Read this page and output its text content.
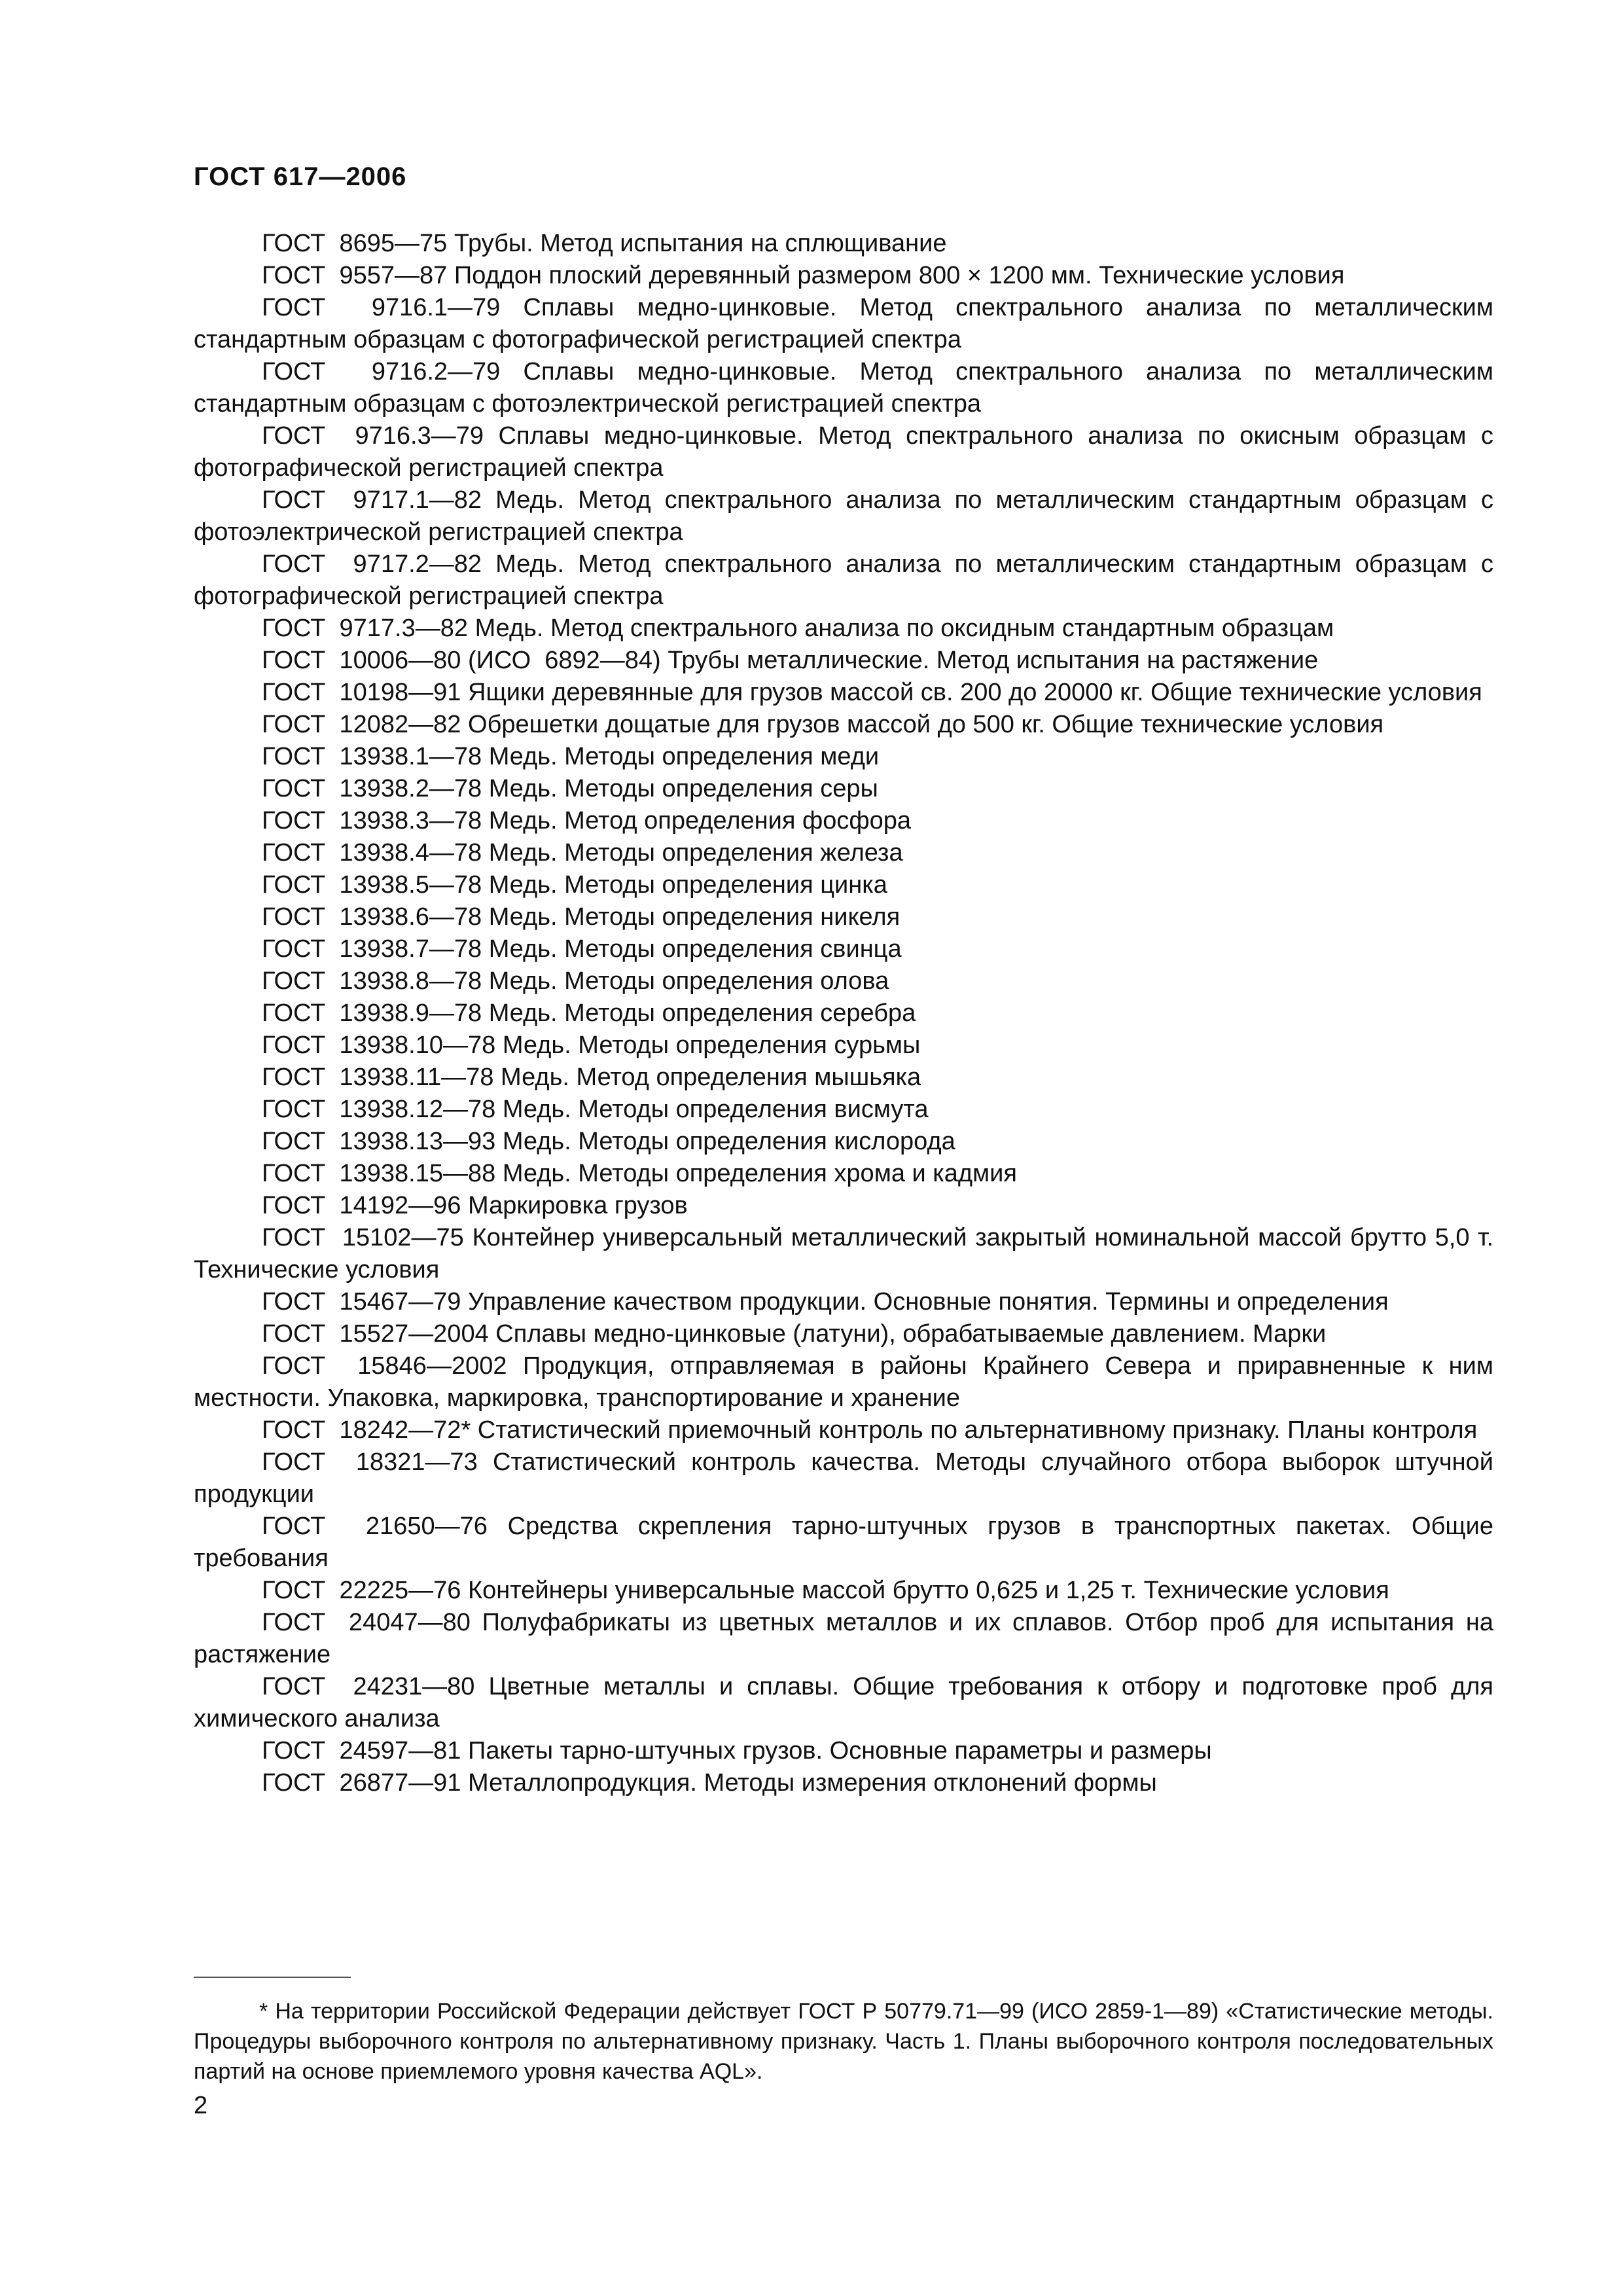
ГОСТ 617—2006

ГОСТ  8695—75 Трубы. Метод испытания на сплющивание

ГОСТ  9557—87 Поддон плоский деревянный размером 800 × 1200 мм. Технические условия

ГОСТ  9716.1—79 Сплавы медно-цинковые. Метод спектрального анализа по металлическим стандартным образцам с фотографической регистрацией спектра

ГОСТ  9716.2—79 Сплавы медно-цинковые. Метод спектрального анализа по металлическим стандартным образцам с фотоэлектрической регистрацией спектра

ГОСТ  9716.3—79 Сплавы медно-цинковые. Метод спектрального анализа по окисным образцам с фотографической регистрацией спектра

ГОСТ  9717.1—82 Медь. Метод спектрального анализа по металлическим стандартным образцам с фотоэлектрической регистрацией спектра

ГОСТ  9717.2—82 Медь. Метод спектрального анализа по металлическим стандартным образцам с фотографической регистрацией спектра

ГОСТ  9717.3—82 Медь. Метод спектрального анализа по оксидным стандартным образцам

ГОСТ  10006—80 (ИСО  6892—84) Трубы металлические. Метод испытания на растяжение

ГОСТ  10198—91 Ящики деревянные для грузов массой св. 200 до 20000 кг. Общие технические условия

ГОСТ  12082—82 Обрешетки дощатые для грузов массой до 500 кг. Общие технические условия

ГОСТ  13938.1—78 Медь. Методы определения меди

ГОСТ  13938.2—78 Медь. Методы определения серы

ГОСТ  13938.3—78 Медь. Метод определения фосфора

ГОСТ  13938.4—78 Медь. Методы определения железа

ГОСТ  13938.5—78 Медь. Методы определения цинка

ГОСТ  13938.6—78 Медь. Методы определения никеля

ГОСТ  13938.7—78 Медь. Методы определения свинца

ГОСТ  13938.8—78 Медь. Методы определения олова

ГОСТ  13938.9—78 Медь. Методы определения серебра

ГОСТ  13938.10—78 Медь. Методы определения сурьмы

ГОСТ  13938.11—78 Медь. Метод определения мышьяка

ГОСТ  13938.12—78 Медь. Методы определения висмута

ГОСТ  13938.13—93 Медь. Методы определения кислорода

ГОСТ  13938.15—88 Медь. Методы определения хрома и кадмия

ГОСТ  14192—96 Маркировка грузов

ГОСТ  15102—75 Контейнер универсальный металлический закрытый номинальной массой брутто 5,0 т. Технические условия

ГОСТ  15467—79 Управление качеством продукции. Основные понятия. Термины и определения

ГОСТ  15527—2004 Сплавы медно-цинковые (латуни), обрабатываемые давлением. Марки

ГОСТ  15846—2002 Продукция, отправляемая в районы Крайнего Севера и приравненные к ним местности. Упаковка, маркировка, транспортирование и хранение

ГОСТ  18242—72* Статистический приемочный контроль по альтернативному признаку. Планы контроля

ГОСТ  18321—73 Статистический контроль качества. Методы случайного отбора выборок штучной продукции

ГОСТ  21650—76 Средства скрепления тарно-штучных грузов в транспортных пакетах. Общие требования

ГОСТ  22225—76 Контейнеры универсальные массой брутто 0,625 и 1,25 т. Технические условия

ГОСТ  24047—80 Полуфабрикаты из цветных металлов и их сплавов. Отбор проб для испытания на растяжение

ГОСТ  24231—80 Цветные металлы и сплавы. Общие требования к отбору и подготовке проб для химического анализа

ГОСТ  24597—81 Пакеты тарно-штучных грузов. Основные параметры и размеры

ГОСТ  26877—91 Металлопродукция. Методы измерения отклонений формы

* На территории Российской Федерации действует ГОСТ Р 50779.71—99 (ИСО 2859-1—89) «Статистические методы. Процедуры выборочного контроля по альтернативному признаку. Часть 1. Планы выборочного контроля последовательных партий на основе приемлемого уровня качества AQL».

2
